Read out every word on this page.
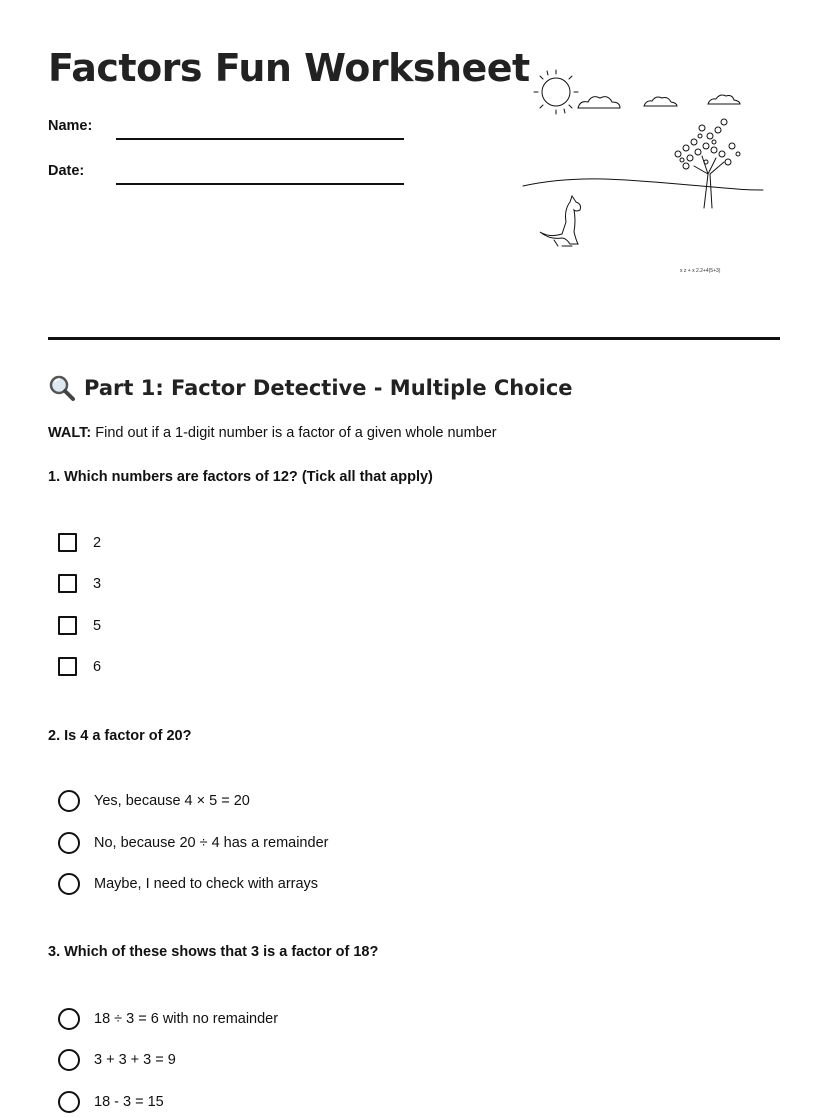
Factors Fun Worksheet
Name:
Date:
x z + x 2.2+4(5+3)
Part 1: Factor Detective - Multiple Choice
WALT: Find out if a 1-digit number is a factor of a given whole number
1. Which numbers are factors of 12? (Tick all that apply)
2
3
5
6
2. Is 4 a factor of 20?
Yes, because 4 × 5 = 20
No, because 20 ÷ 4 has a remainder
Maybe, I need to check with arrays
3. Which of these shows that 3 is a factor of 18?
18 ÷ 3 = 6 with no remainder
3 + 3 + 3 = 9
18 - 3 = 15
